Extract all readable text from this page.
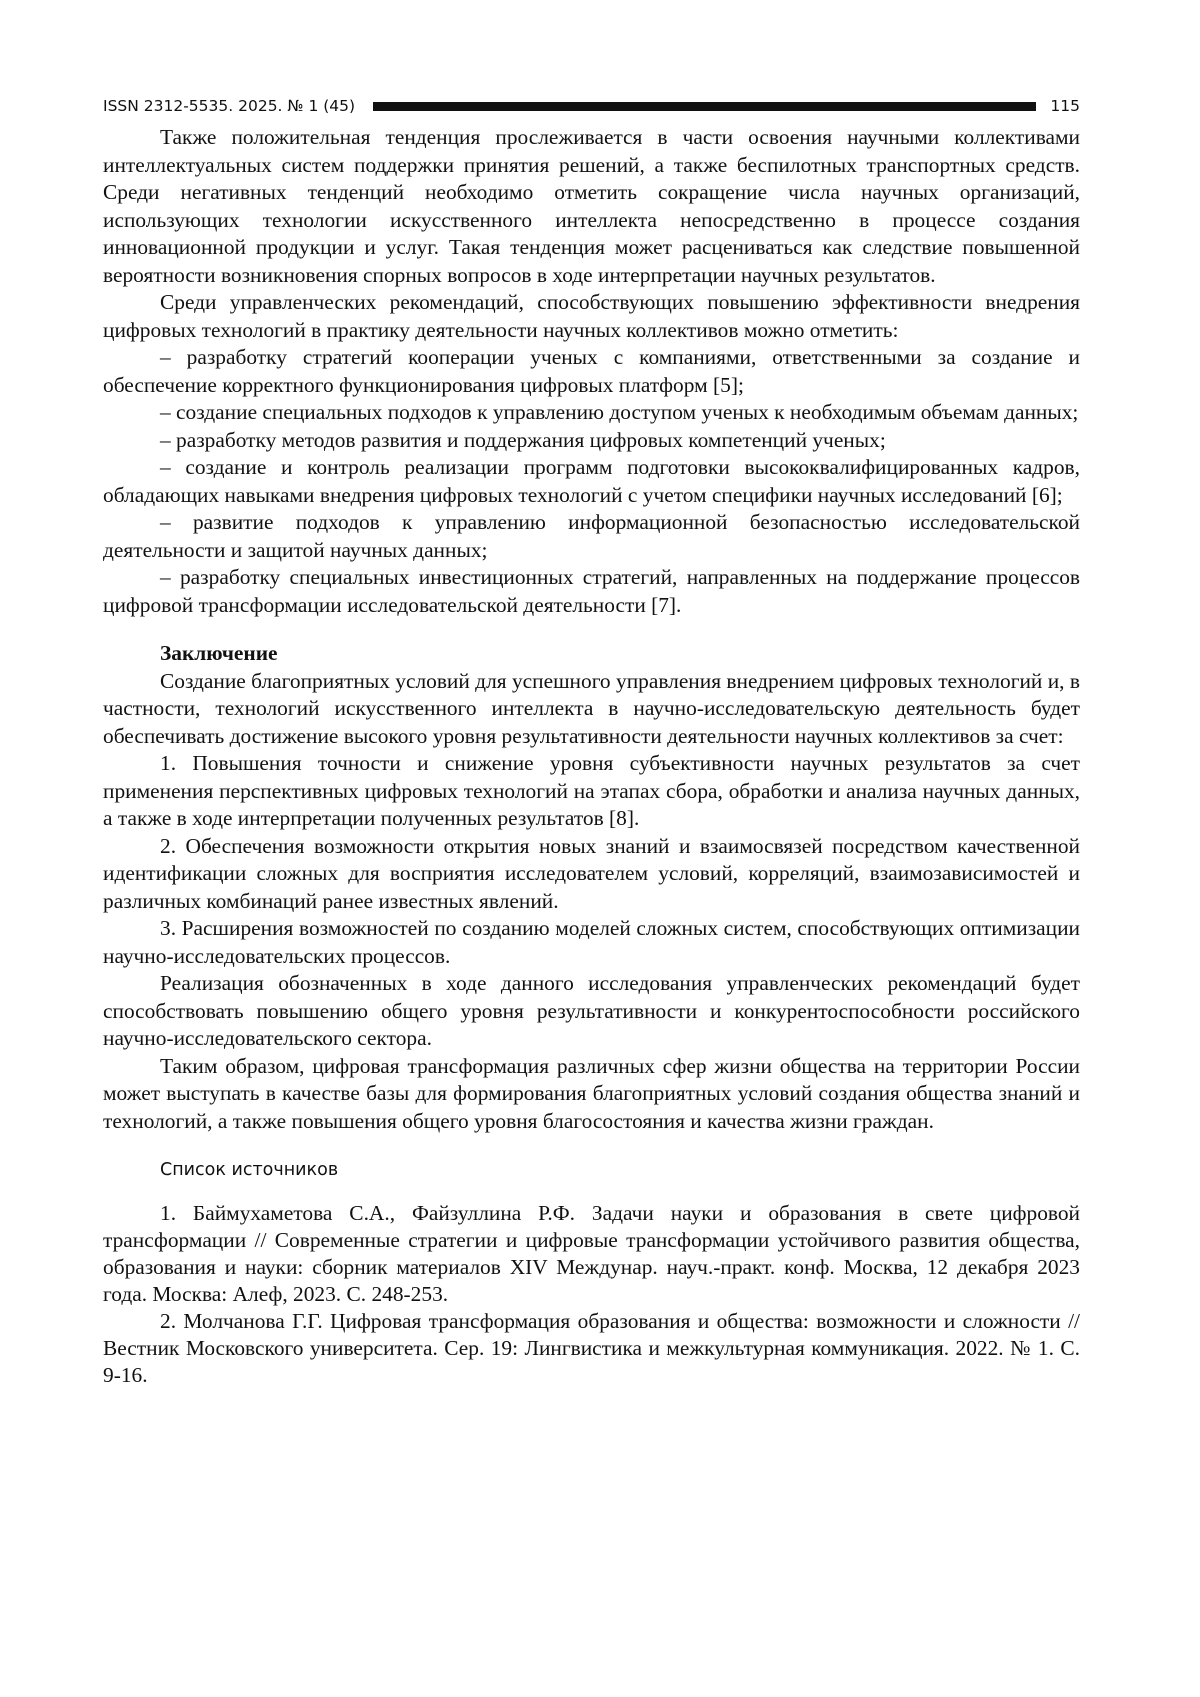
ISSN 2312-5535. 2025. № 1 (45)	115

Также положительная тенденция прослеживается в части освоения научными коллективами интеллектуальных систем поддержки принятия решений, а также беспилотных транспортных средств. Среди негативных тенденций необходимо отметить сокращение числа научных организаций, использующих технологии искусственного интеллекта непосредственно в процессе создания инновационной продукции и услуг. Такая тенденция может расцениваться как следствие повышенной вероятности возникновения спорных вопросов в ходе интерпретации научных результатов.

Среди управленческих рекомендаций, способствующих повышению эффективности внедрения цифровых технологий в практику деятельности научных коллективов можно отметить:

– разработку стратегий кооперации ученых с компаниями, ответственными за создание и обеспечение корректного функционирования цифровых платформ [5];

– создание специальных подходов к управлению доступом ученых к необходимым объемам данных;

– разработку методов развития и поддержания цифровых компетенций ученых;

– создание и контроль реализации программ подготовки высококвалифицированных кадров, обладающих навыками внедрения цифровых технологий с учетом специфики научных исследований [6];

– развитие подходов к управлению информационной безопасностью исследовательской деятельности и защитой научных данных;

– разработку специальных инвестиционных стратегий, направленных на поддержание процессов цифровой трансформации исследовательской деятельности [7].

Заключение

Создание благоприятных условий для успешного управления внедрением цифровых технологий и, в частности, технологий искусственного интеллекта в научно-исследовательскую деятельность будет обеспечивать достижение высокого уровня результативности деятельности научных коллективов за счет:

1. Повышения точности и снижение уровня субъективности научных результатов за счет применения перспективных цифровых технологий на этапах сбора, обработки и анализа научных данных, а также в ходе интерпретации полученных результатов [8].

2. Обеспечения возможности открытия новых знаний и взаимосвязей посредством качественной идентификации сложных для восприятия исследователем условий, корреляций, взаимозависимостей и различных комбинаций ранее известных явлений.

3. Расширения возможностей по созданию моделей сложных систем, способствующих оптимизации научно-исследовательских процессов.

Реализация обозначенных в ходе данного исследования управленческих рекомендаций будет способствовать повышению общего уровня результативности и конкурентоспособности российского научно-исследовательского сектора.

Таким образом, цифровая трансформация различных сфер жизни общества на территории России может выступать в качестве базы для формирования благоприятных условий создания общества знаний и технологий, а также повышения общего уровня благосостояния и качества жизни граждан.

Список источников

1. Баймухаметова С.А., Файзуллина Р.Ф. Задачи науки и образования в свете цифровой трансформации // Современные стратегии и цифровые трансформации устойчивого развития общества, образования и науки: сборник материалов XIV Междунар. науч.-практ. конф. Москва, 12 декабря 2023 года. Москва: Алеф, 2023. С. 248-253.

2. Молчанова Г.Г. Цифровая трансформация образования и общества: возможности и сложности // Вестник Московского университета. Сер. 19: Лингвистика и межкультурная коммуникация. 2022. № 1. С. 9-16.
